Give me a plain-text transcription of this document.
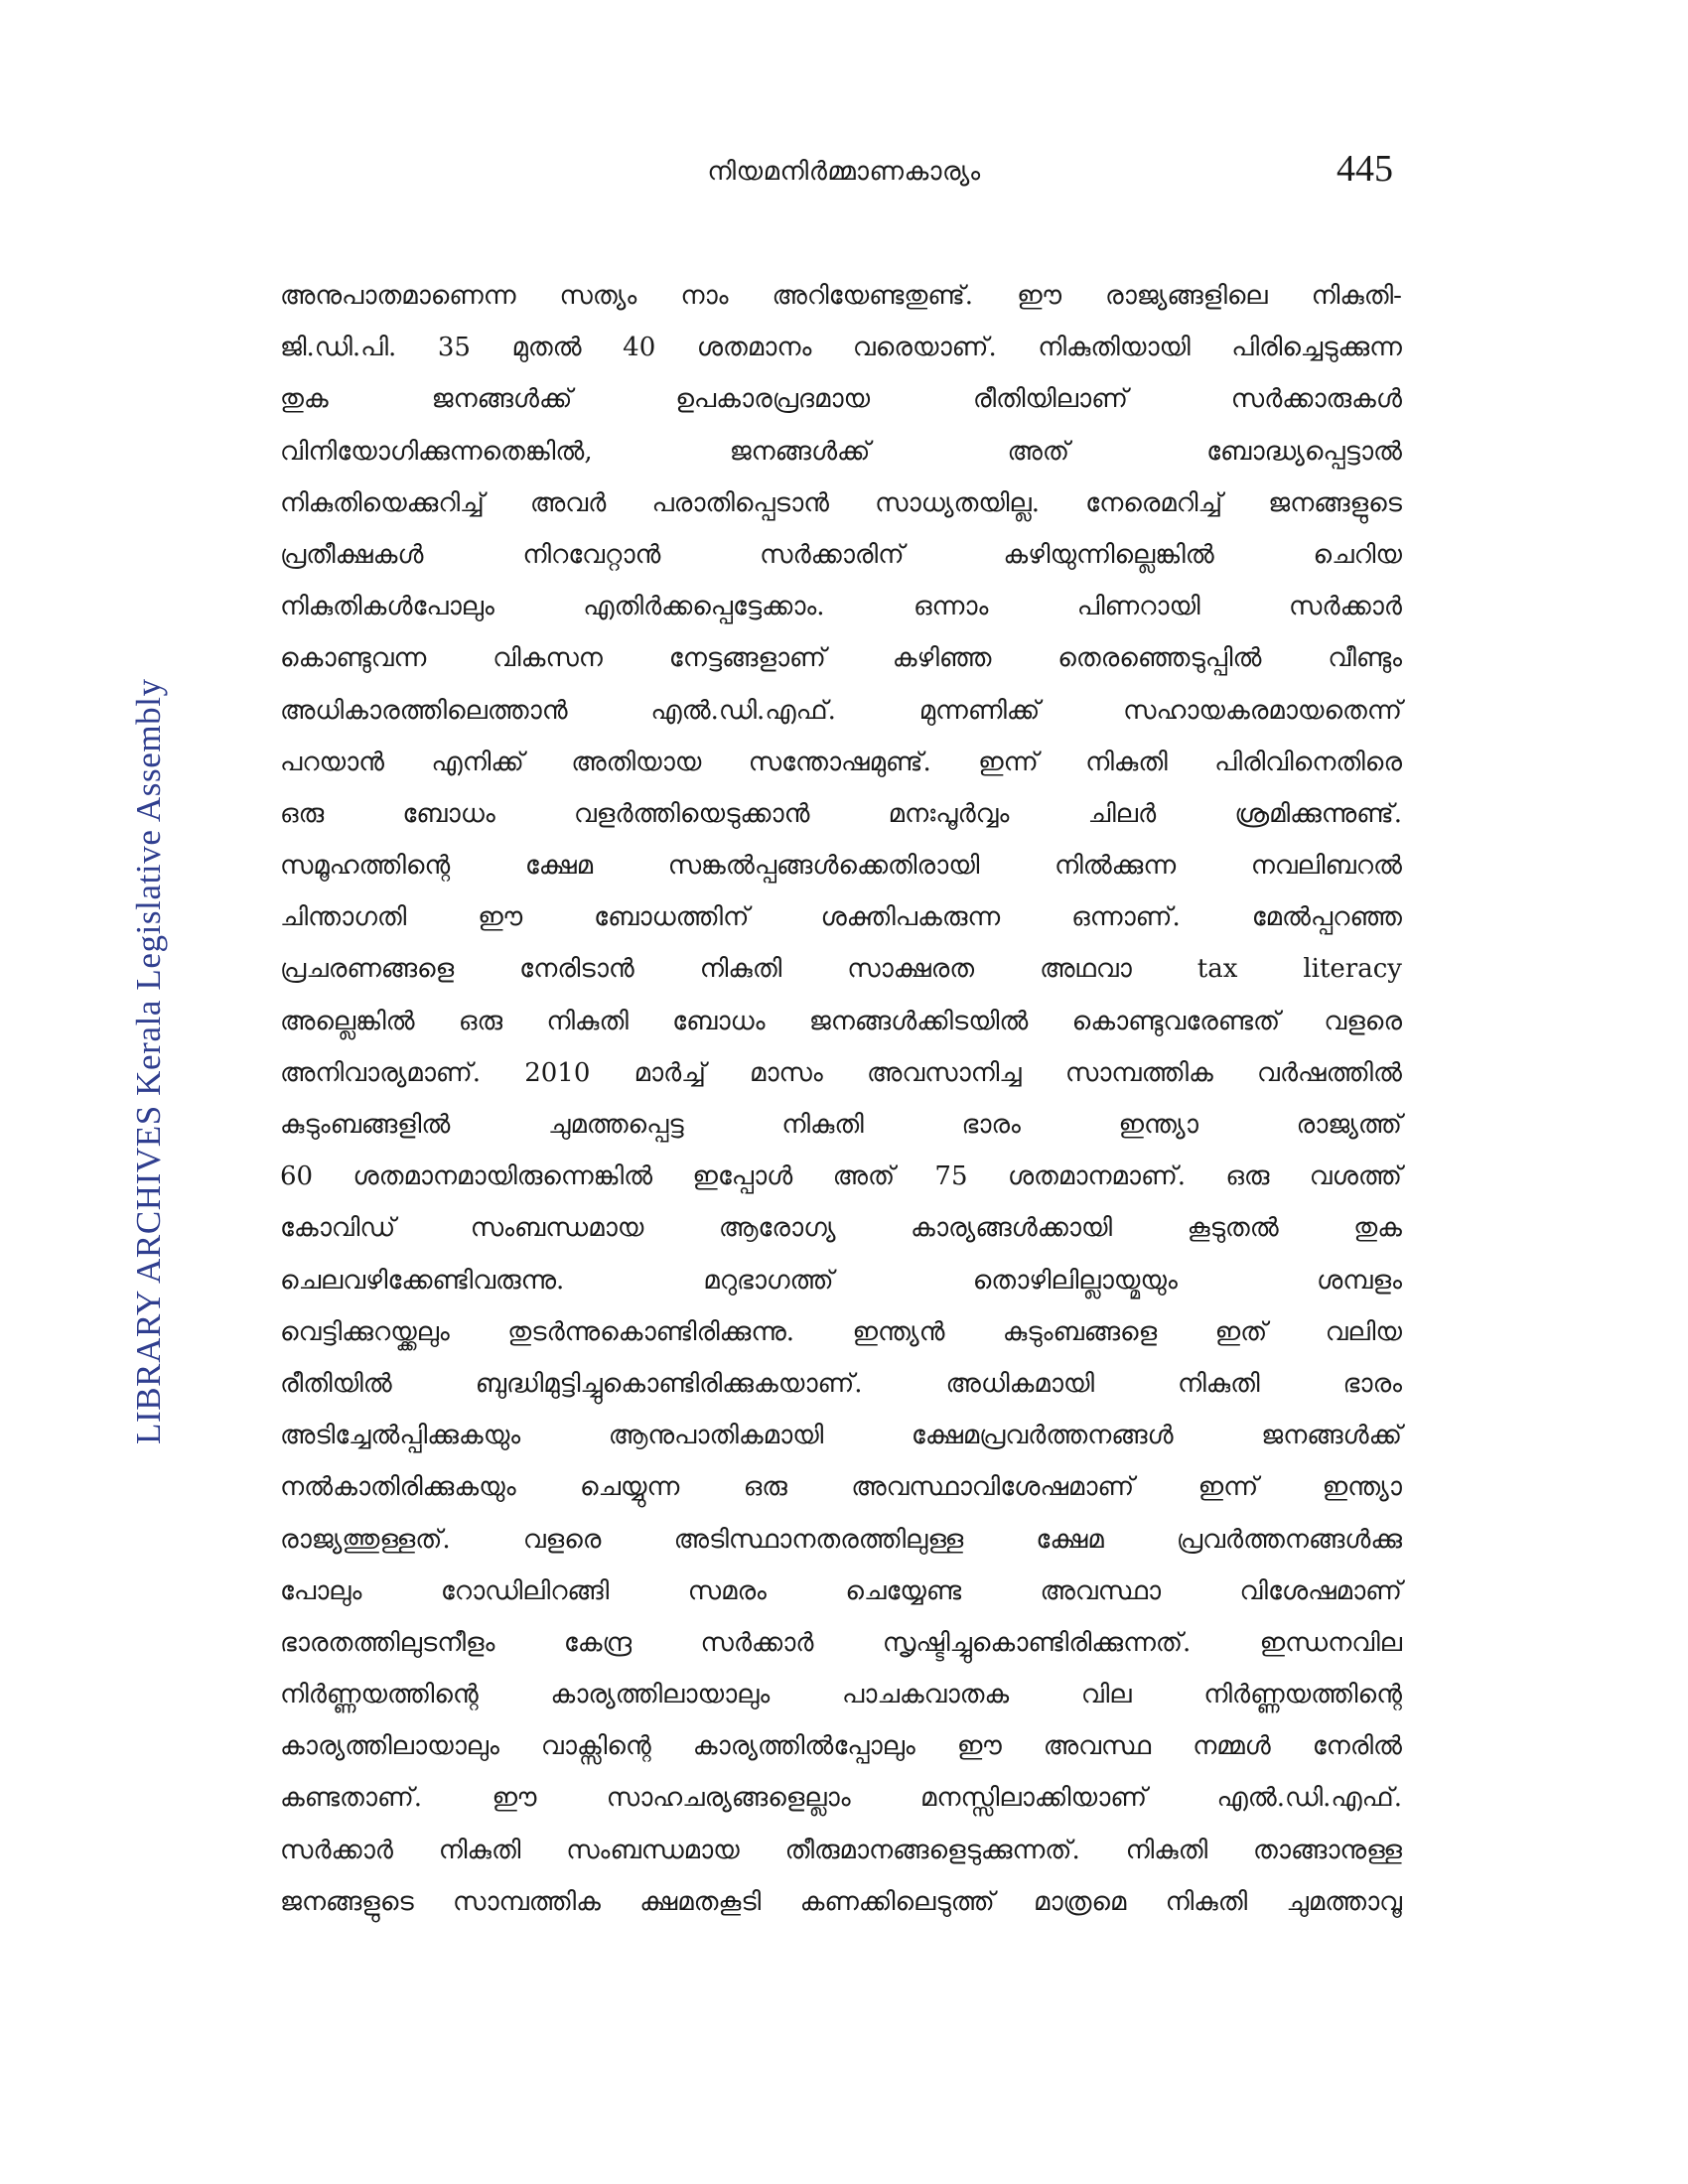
നിയമനിർമ്മാണകാര്യം	445
LIBRARY ARCHIVES Kerala Legislative Assembly
അനുപാതമാണെന്ന സത്യം നാം അറിയേണ്ടതുണ്ട്. ഈ രാജ്യങ്ങളിലെ നികുതി-
ജി.ഡി.പി. 35 മുതൽ 40 ശതമാനം വരെയാണ്. നികുതിയായി പിരിച്ചെടുക്കുന്ന
തുക	ജനങ്ങൾക്ക്	ഉപകാരപ്രദമായ	രീതിയിലാണ്	സർക്കാരുകൾ
വിനിയോഗിക്കുന്നതെങ്കിൽ,	ജനങ്ങൾക്ക്	അത്	ബോദ്ധ്യപ്പെട്ടാൽ
നികുതിയെക്കുറിച്ച് അവർ പരാതിപ്പെടാൻ സാധ്യതയില്ല. നേരെമറിച്ച് ജനങ്ങളുടെ
പ്രതീക്ഷകൾ	നിറവേറ്റാൻ	സർക്കാരിന്	കഴിയുന്നില്ലെങ്കിൽ	ചെറിയ
നികുതികൾപോലും	എതിർക്കപ്പെട്ടേക്കാം.	ഒന്നാം	പിണറായി	സർക്കാർ
കൊണ്ടുവന്ന	വികസന	നേട്ടങ്ങളാണ്	കഴിഞ്ഞ	തെരഞ്ഞെടുപ്പിൽ	വീണ്ടും
അധികാരത്തിലെത്താൻ	എൽ.ഡി.എഫ്.	മുന്നണിക്ക്	സഹായകരമായതെന്ന്
പറയാൻ എനിക്ക് അതിയായ സന്തോഷമുണ്ട്. ഇന്ന് നികുതി പിരിവിനെതിരെ
ഒരു	ബോധം	വളർത്തിയെടുക്കാൻ	മനഃപൂർവ്വം	ചിലർ	ശ്രമിക്കുന്നുണ്ട്.
സമൂഹത്തിന്റെ	ക്ഷേമ	സങ്കൽപ്പങ്ങൾക്കെതിരായി	നിൽക്കുന്ന	നവലിബറൽ
ചിന്താഗതി	ഈ	ബോധത്തിന്	ശക്തിപകരുന്ന	ഒന്നാണ്.	മേൽപ്പറഞ്ഞ
പ്രചരണങ്ങളെ	നേരിടാൻ	നികുതി	സാക്ഷരത	അഥവാ	tax	literacy
അല്ലെങ്കിൽ ഒരു നികുതി ബോധം ജനങ്ങൾക്കിടയിൽ കൊണ്ടുവരേണ്ടത് വളരെ
അനിവാര്യമാണ്. 2010 മാർച്ച് മാസം അവസാനിച്ച സാമ്പത്തിക വർഷത്തിൽ
കുടുംബങ്ങളിൽ	ചുമത്തപ്പെട്ട	നികുതി	ഭാരം	ഇന്ത്യാ	രാജ്യത്ത്
60 ശതമാനമായിരുന്നെങ്കിൽ ഇപ്പോൾ അത് 75 ശതമാനമാണ്. ഒരു വശത്ത്
കോവിഡ്	സംബന്ധമായ	ആരോഗ്യ	കാര്യങ്ങൾക്കായി	കൂടുതൽ	തുക
ചെലവഴിക്കേണ്ടിവരുന്നു.	മറുഭാഗത്ത്	തൊഴിലില്ലായ്മയും	ശമ്പളം
വെട്ടിക്കുറയ്ക്കലും തുടർന്നുകൊണ്ടിരിക്കുന്നു. ഇന്ത്യൻ കുടുംബങ്ങളെ ഇത് വലിയ
രീതിയിൽ	ബുദ്ധിമുട്ടിച്ചുകൊണ്ടിരിക്കുകയാണ്.	അധികമായി	നികുതി	ഭാരം
അടിച്ചേൽപ്പിക്കുകയും	ആനുപാതികമായി	ക്ഷേമപ്രവർത്തനങ്ങൾ	ജനങ്ങൾക്ക്
നൽകാതിരിക്കുകയും ചെയ്യുന്ന ഒരു അവസ്ഥാവിശേഷമാണ് ഇന്ന് ഇന്ത്യാ
രാജ്യത്തുള്ളത്.	വളരെ	അടിസ്ഥാനതരത്തിലുള്ള	ക്ഷേമ	പ്രവർത്തനങ്ങൾക്കു
പോലും	റോഡിലിറങ്ങി	സമരം	ചെയ്യേണ്ട	അവസ്ഥാ	വിശേഷമാണ്
ഭാരതത്തിലുടനീളം	കേന്ദ്ര	സർക്കാർ	സൃഷ്ടിച്ചുകൊണ്ടിരിക്കുന്നത്.	ഇന്ധനവില
നിർണ്ണയത്തിന്റെ	കാര്യത്തിലായാലും	പാചകവാതക	വില	നിർണ്ണയത്തിന്റെ
കാര്യത്തിലായാലും വാക്സിന്റെ കാര്യത്തിൽപ്പോലും ഈ അവസ്ഥ നമ്മൾ നേരിൽ
കണ്ടതാണ്.	ഈ	സാഹചര്യങ്ങളെല്ലാം	മനസ്സിലാക്കിയാണ്	എൽ.ഡി.എഫ്.
സർക്കാർ നികുതി സംബന്ധമായ തീരുമാനങ്ങളെടുക്കുന്നത്. നികുതി താങ്ങാനുള്ള
ജനങ്ങളുടെ സാമ്പത്തിക ക്ഷമതകൂടി കണക്കിലെടുത്ത് മാത്രമെ നികുതി ചുമത്താവൂ
